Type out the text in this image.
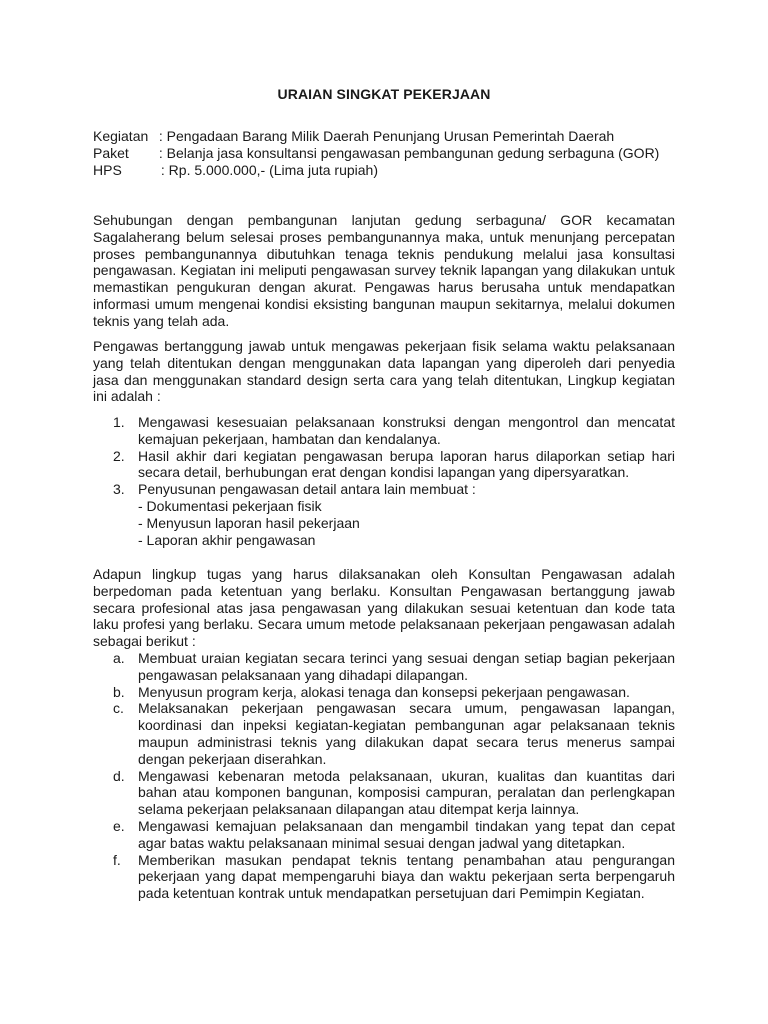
URAIAN SINGKAT PEKERJAAN
Kegiatan : Pengadaan Barang Milik Daerah Penunjang Urusan Pemerintah Daerah
Paket : Belanja jasa konsultansi pengawasan pembangunan gedung serbaguna (GOR)
HPS	: Rp. 5.000.000,- (Lima juta rupiah)

Sehubungan dengan pembangunan lanjutan gedung serbaguna/ GOR kecamatan Sagalaherang belum selesai proses pembangunannya maka, untuk menunjang percepatan proses pembangunannya dibutuhkan tenaga teknis pendukung melalui jasa konsultasi pengawasan. Kegiatan ini meliputi pengawasan survey teknik lapangan yang dilakukan untuk memastikan pengukuran dengan akurat. Pengawas harus berusaha untuk mendapatkan informasi umum mengenai kondisi eksisting bangunan maupun sekitarnya, melalui dokumen teknis yang telah ada.

Pengawas bertanggung jawab untuk mengawas pekerjaan fisik selama waktu pelaksanaan yang telah ditentukan dengan menggunakan data lapangan yang diperoleh dari penyedia jasa dan menggunakan standard design serta cara yang telah ditentukan, Lingkup kegiatan ini adalah :

1. Mengawasi kesesuaian pelaksanaan konstruksi dengan mengontrol dan mencatat kemajuan pekerjaan, hambatan dan kendalanya.
2. Hasil akhir dari kegiatan pengawasan berupa laporan harus dilaporkan setiap hari secara detail, berhubungan erat dengan kondisi lapangan yang dipersyaratkan.
3. Penyusunan pengawasan detail antara lain membuat :
- Dokumentasi pekerjaan fisik
- Menyusun laporan hasil pekerjaan
- Laporan akhir pengawasan

Adapun lingkup tugas yang harus dilaksanakan oleh Konsultan Pengawasan adalah berpedoman pada ketentuan yang berlaku. Konsultan Pengawasan bertanggung jawab secara profesional atas jasa pengawasan yang dilakukan sesuai ketentuan dan kode tata laku profesi yang berlaku. Secara umum metode pelaksanaan pekerjaan pengawasan adalah sebagai berikut :

a. Membuat uraian kegiatan secara terinci yang sesuai dengan setiap bagian pekerjaan pengawasan pelaksanaan yang dihadapi dilapangan.
b. Menyusun program kerja, alokasi tenaga dan konsepsi pekerjaan pengawasan.
c. Melaksanakan pekerjaan pengawasan secara umum, pengawasan lapangan, koordinasi dan inpeksi kegiatan-kegiatan pembangunan agar pelaksanaan teknis maupun administrasi teknis yang dilakukan dapat secara terus menerus sampai dengan pekerjaan diserahkan.
d. Mengawasi kebenaran metoda pelaksanaan, ukuran, kualitas dan kuantitas dari bahan atau komponen bangunan, komposisi campuran, peralatan dan perlengkapan selama pekerjaan pelaksanaan dilapangan atau ditempat kerja lainnya.
e. Mengawasi kemajuan pelaksanaan dan mengambil tindakan yang tepat dan cepat agar batas waktu pelaksanaan minimal sesuai dengan jadwal yang ditetapkan.
f. Memberikan masukan pendapat teknis tentang penambahan atau pengurangan pekerjaan yang dapat mempengaruhi biaya dan waktu pekerjaan serta berpengaruh pada ketentuan kontrak untuk mendapatkan persetujuan dari Pemimpin Kegiatan.
